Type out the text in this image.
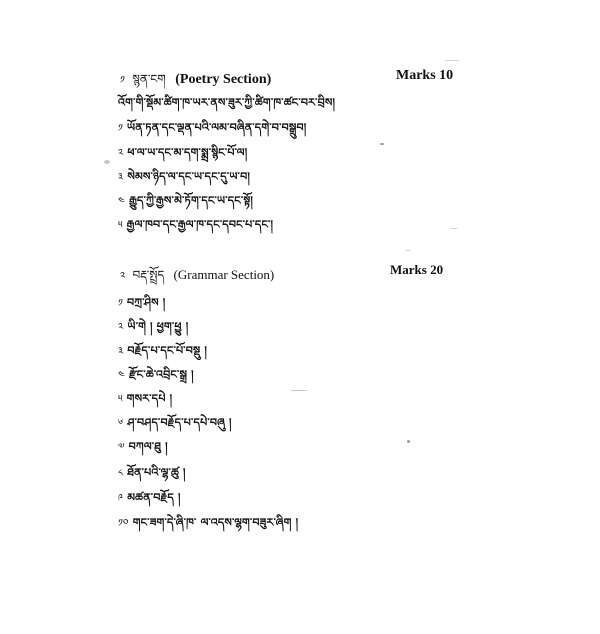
༡ སྙན་ངག (Poetry Section)	Marks 10
འོག་གི་སྡོམ་ཚིག་ཁ་ཡར་ནས་ཟུར་ཀྱི་ཚིག་ཁ་ཚང་བར་བྲིས།
༡ ཡོན་ཏན་དང་ལྡན་པའི་ལམ་བཞིན་དགེ་བ་བསྒྲུབ།
༢ ཕ་ལ་ཡ་དང་མ་དག་སྨྲ་སྙིང་པོ་ལ།
༣ སེམས་ཉིད་ལ་དང་ཡ་དང་དུ་ཡ་བ།
༤ རྒྱུད་ཀྱི་རྒྱས་མེ་ཏོག་དང་ཡ་དང་སྟོ།
༥ རྒྱལ་ཁབ་དང་རྒྱལ་ཁ་དང་དབང་པ་དང་།
༢ བརྡ་སྤྲོད (Grammar Section)	Marks 20
༡ བཀྲ་ཤིས །
༢ ཡི་གེ ། ཕྱག་ཕྱུ །
༣ བརྗོད་པ་དང་པོ་བསྡུ །
༤ རྫོང་ཆེ་འབྲིང་སྒྲ །
༥ གསར་དཔེ །
༦ ཤ་བཤད་བརྗོད་པ་དཔེ་བཞུ །
༧ བཀལ་ཐུ །
༨ ཐོན་པའི་ལྷ་ཚུ །
༩ མཚན་བརྗོད །
༡༠ གང་ཟག་དེ་ཞི་ཁ་ ལ་འདས་ལྷག་བཟུར་ཞིག །
